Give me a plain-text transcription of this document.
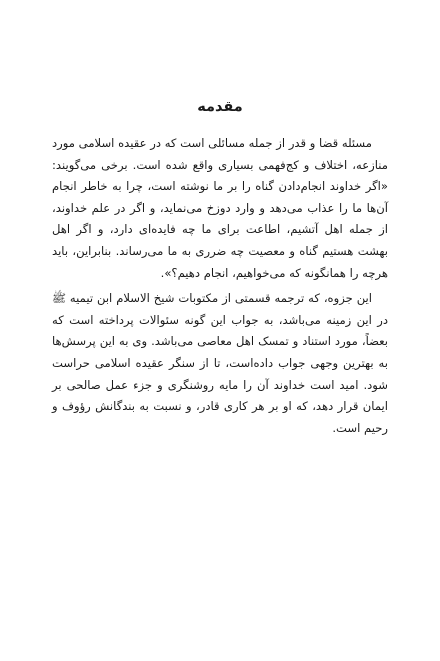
مقدمه

مسئله قضا و قدر از جمله مسائلی است که در عقیده اسلامی مورد منازعه، اختلاف و کج‌فهمی بسیاری واقع شده است. برخی می‌گویند: «اگر خداوند انجام‌دادن گناه را بر ما نوشته است، چرا به خاطر انجام آن‌ها ما را عذاب می‌دهد و وارد دوزخ می‌نماید، و اگر در علم خداوند، از جمله اهل آتشیم، اطاعت برای ما چه فایده‌ای دارد، و اگر اهل بهشت هستیم گناه و معصیت چه ضرری به ما می‌رساند. بنابراین، باید هرچه را همانگونه که می‌خواهیم، انجام دهیم؟».

این جزوه، که ترجمه قسمتی از مکتوبات شیخ الاسلام ابن تیمیه ﷺ در این زمینه می‌باشد، به جواب این گونه سئوالات پرداخته است که بعضاً، مورد استناد و تمسک اهل معاصی می‌باشد. وی به این پرسش‌ها به بهترین وجهی جواب داده‌است، تا از سنگر عقیده اسلامی حراست شود. امید است خداوند آن را مایه روشنگری و جزء عمل صالحی بر ایمان قرار دهد، که او بر هر کاری قادر، و نسبت به بندگانش رؤوف و رحیم است.
